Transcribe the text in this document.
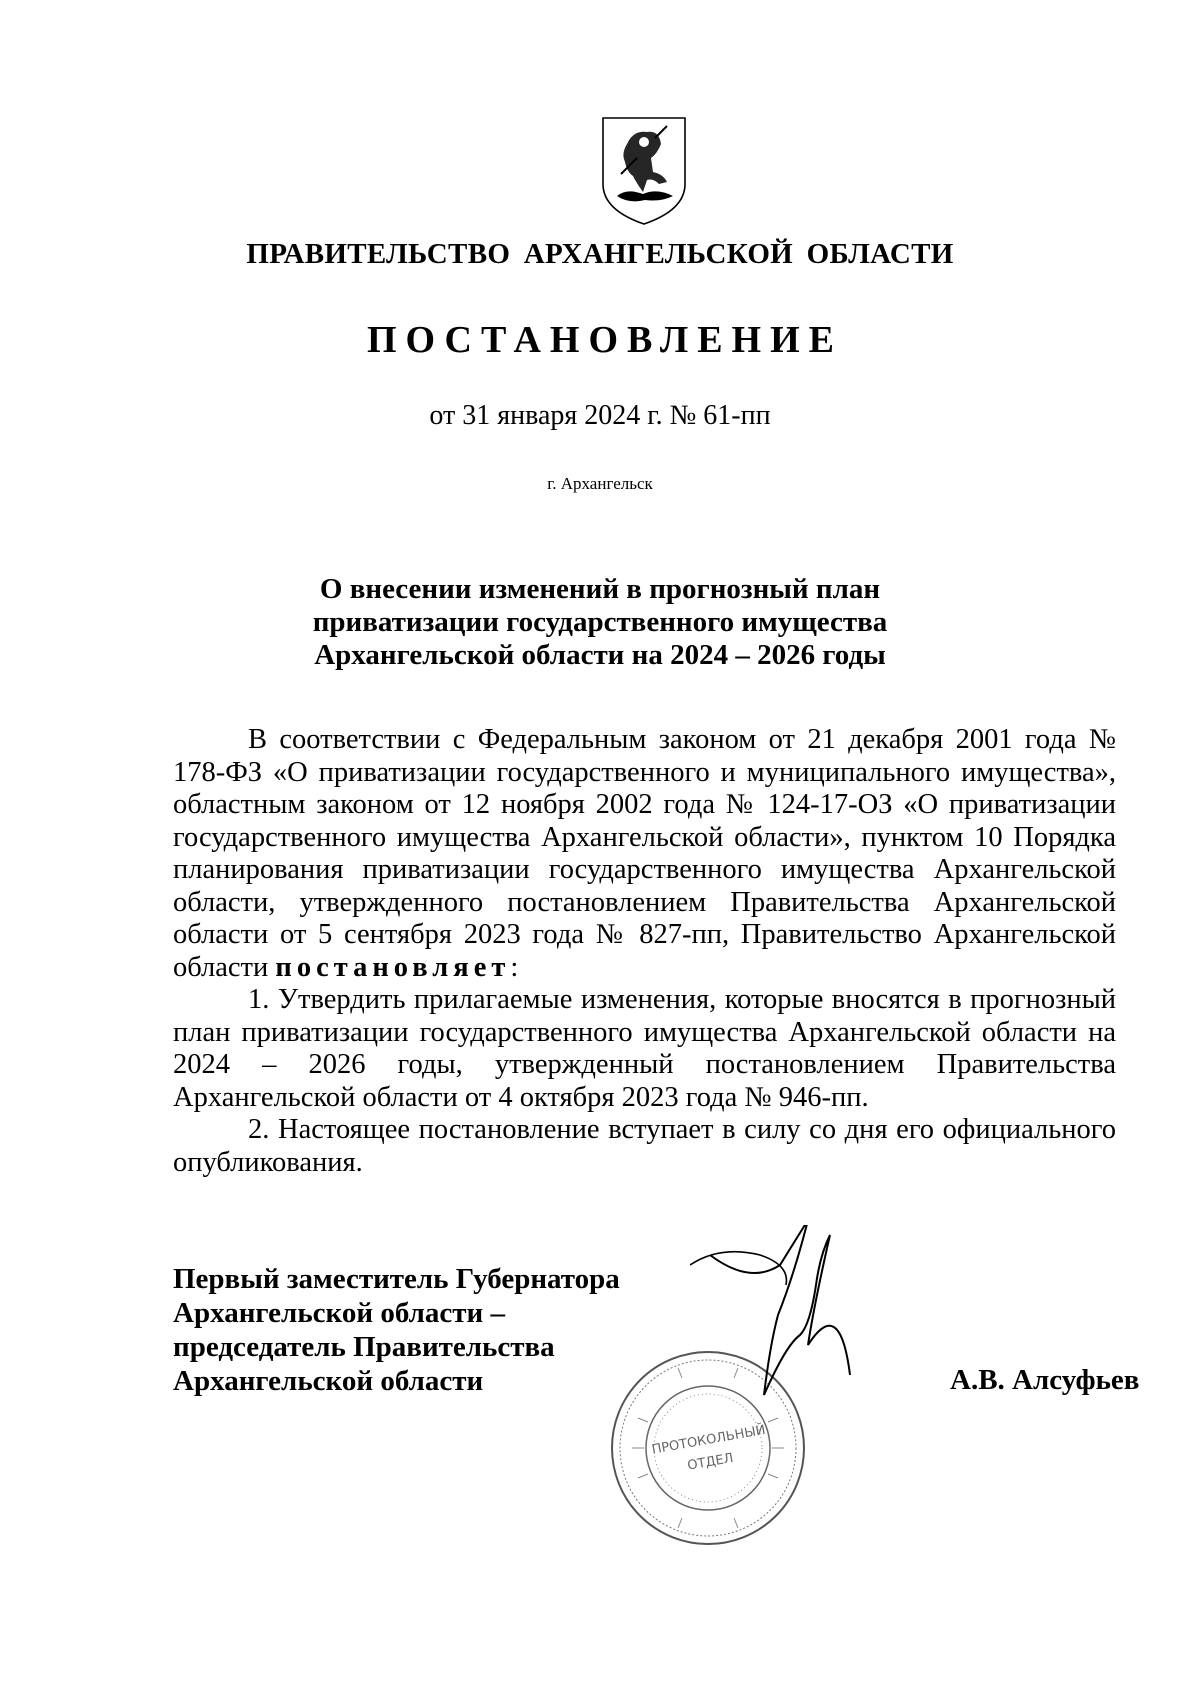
ПРАВИТЕЛЬСТВО АРХАНГЕЛЬСКОЙ ОБЛАСТИ
ПОСТАНОВЛЕНИЕ
от 31 января 2024 г. № 61-пп
г. Архангельск
О внесении изменений в прогнозный план
приватизации государственного имущества
Архангельской области на 2024 – 2026 годы

В соответствии с Федеральным законом от 21 декабря 2001 года № 178-ФЗ «О приватизации государственного и муниципального имущества», областным законом от 12 ноября 2002 года № 124-17-ОЗ «О приватизации государственного имущества Архангельской области», пунктом 10 Порядка планирования приватизации государственного имущества Архангельской области, утвержденного постановлением Правительства Архангельской области от 5 сентября 2023 года № 827-пп, Правительство Архангельской области постановляет:

1. Утвердить прилагаемые изменения, которые вносятся в прогнозный план приватизации государственного имущества Архангельской области на 2024 – 2026 годы, утвержденный постановлением Правительства Архангельской области от 4 октября 2023 года № 946-пп.

2. Настоящее постановление вступает в силу со дня его официального опубликования.

Первый заместитель Губернатора
Архангельской области –
председатель Правительства
Архангельской области	А.В. Алсуфьев
ПРОТОКОЛЬНЫЙ
ОТДЕЛ
